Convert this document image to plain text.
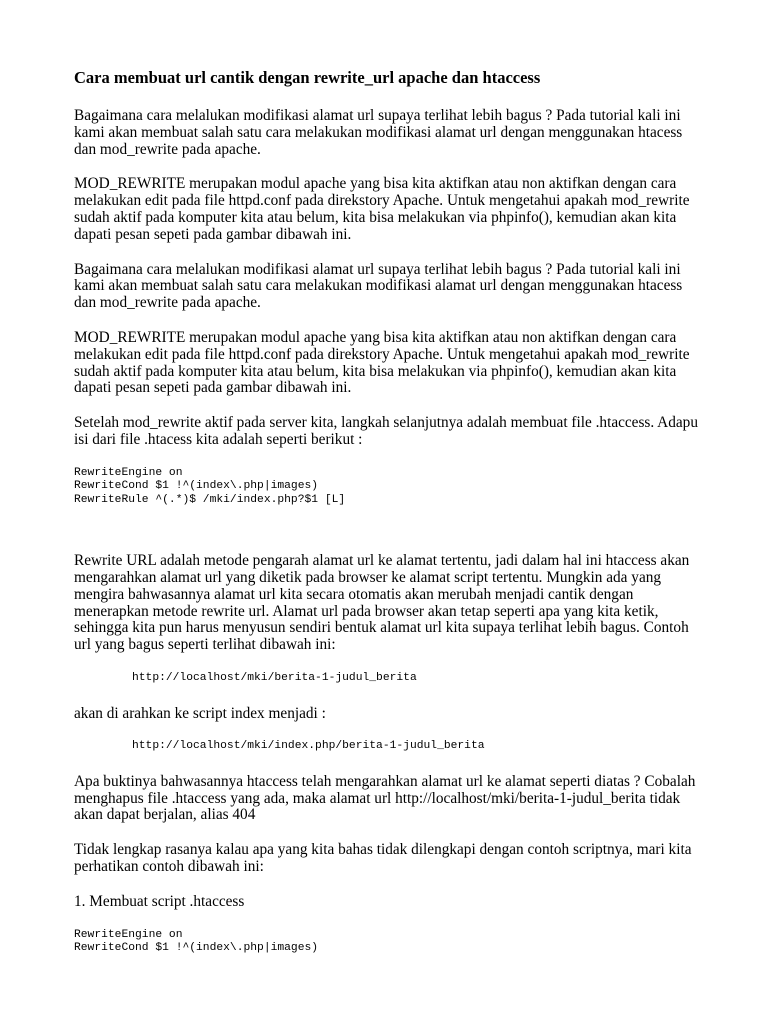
Cara membuat url cantik dengan rewrite_url apache dan htaccess

Bagaimana cara melalukan modifikasi alamat url supaya terlihat lebih bagus ? Pada tutorial kali ini kami akan membuat salah satu cara melakukan modifikasi alamat url dengan menggunakan htacess dan mod_rewrite pada apache.

MOD_REWRITE merupakan modul apache yang bisa kita aktifkan atau non aktifkan dengan cara melakukan edit pada file httpd.conf pada direkstory Apache. Untuk mengetahui apakah mod_rewrite sudah aktif pada komputer kita atau belum, kita bisa melakukan via phpinfo(), kemudian akan kita dapati pesan sepeti pada gambar dibawah ini.

Bagaimana cara melalukan modifikasi alamat url supaya terlihat lebih bagus ? Pada tutorial kali ini kami akan membuat salah satu cara melakukan modifikasi alamat url dengan menggunakan htacess dan mod_rewrite pada apache.

MOD_REWRITE merupakan modul apache yang bisa kita aktifkan atau non aktifkan dengan cara melakukan edit pada file httpd.conf pada direkstory Apache. Untuk mengetahui apakah mod_rewrite sudah aktif pada komputer kita atau belum, kita bisa melakukan via phpinfo(), kemudian akan kita dapati pesan sepeti pada gambar dibawah ini.

Setelah mod_rewrite aktif pada server kita, langkah selanjutnya adalah membuat file .htaccess. Adapu isi dari file .htacess kita adalah seperti berikut :

RewriteEngine on
RewriteCond $1 !^(index\.php|images)
RewriteRule ^(.*)$ /mki/index.php?$1 [L]

Rewrite URL adalah metode pengarah alamat url ke alamat tertentu, jadi dalam hal ini htaccess akan mengarahkan alamat url yang diketik pada browser ke alamat script tertentu. Mungkin ada yang mengira bahwasannya alamat url kita secara otomatis akan merubah menjadi cantik dengan menerapkan metode rewrite url. Alamat url pada browser akan tetap seperti apa yang kita ketik, sehingga kita pun harus menyusun sendiri bentuk alamat url kita supaya terlihat lebih bagus. Contoh url yang bagus seperti terlihat dibawah ini:

http://localhost/mki/berita-1-judul_berita

akan di arahkan ke script index menjadi :

http://localhost/mki/index.php/berita-1-judul_berita

Apa buktinya bahwasannya htaccess telah mengarahkan alamat url ke alamat seperti diatas ? Cobalah menghapus file .htaccess yang ada, maka alamat url http://localhost/mki/berita-1-judul_berita tidak akan dapat berjalan, alias 404

Tidak lengkap rasanya kalau apa yang kita bahas tidak dilengkapi dengan contoh scriptnya, mari kita perhatikan contoh dibawah ini:

1. Membuat script .htaccess

RewriteEngine on
RewriteCond $1 !^(index\.php|images)
